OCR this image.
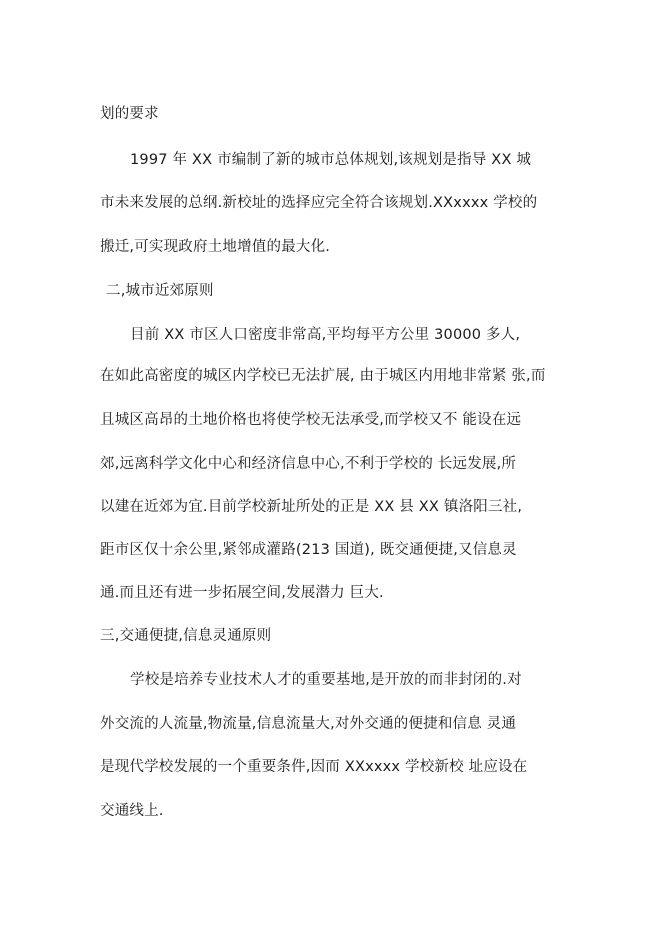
划的要求
1997 年 XX 市编制了新的城市总体规划,该规划是指导 XX 城
市未来发展的总纲.新校址的选择应完全符合该规划.XXxxxx 学校的
搬迁,可实现政府土地增值的最大化.
二,城市近郊原则
目前 XX 市区人口密度非常高,平均每平方公里 30000 多人,
在如此高密度的城区内学校已无法扩展, 由于城区内用地非常紧 张,而
且城区高昂的土地价格也将使学校无法承受,而学校又不 能设在远
郊,远离科学文化中心和经济信息中心,不利于学校的 长远发展,所
以建在近郊为宜.目前学校新址所处的正是 XX 县 XX 镇洛阳三社,
距市区仅十余公里,紧邻成灌路(213 国道), 既交通便捷,又信息灵
通.而且还有进一步拓展空间,发展潜力 巨大.
三,交通便捷,信息灵通原则
学校是培养专业技术人才的重要基地,是开放的而非封闭的.对
外交流的人流量,物流量,信息流量大,对外交通的便捷和信息 灵通
是现代学校发展的一个重要条件,因而 XXxxxx 学校新校 址应设在
交通线上.
